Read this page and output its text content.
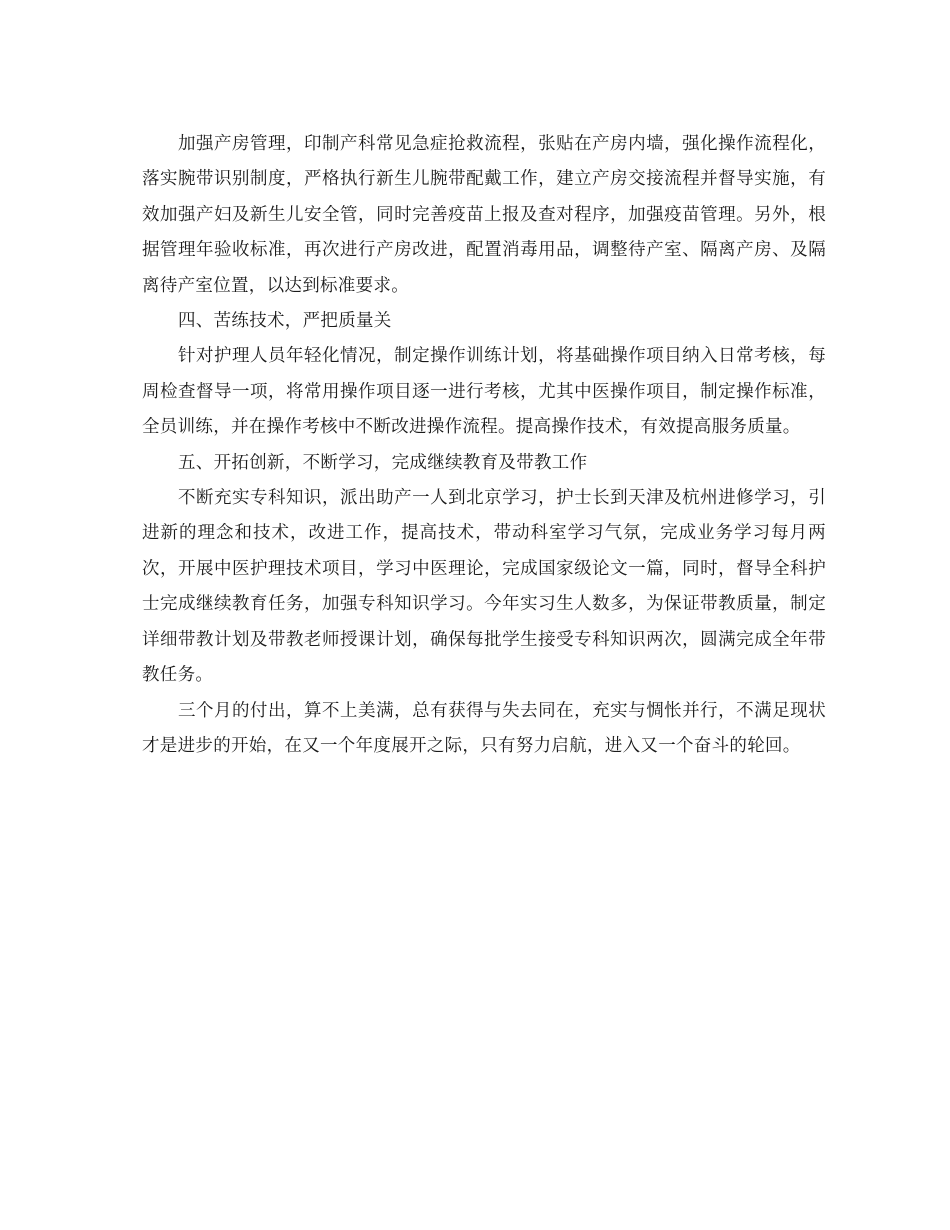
加强产房管理，印制产科常见急症抢救流程，张贴在产房内墙，强化操作流程化，落实腕带识别制度，严格执行新生儿腕带配戴工作，建立产房交接流程并督导实施，有效加强产妇及新生儿安全管，同时完善疫苗上报及查对程序，加强疫苗管理。另外，根据管理年验收标准，再次进行产房改进，配置消毒用品，调整待产室、隔离产房、及隔离待产室位置，以达到标准要求。

四、苦练技术，严把质量关

针对护理人员年轻化情况，制定操作训练计划，将基础操作项目纳入日常考核，每周检查督导一项，将常用操作项目逐一进行考核，尤其中医操作项目，制定操作标准，全员训练，并在操作考核中不断改进操作流程。提高操作技术，有效提高服务质量。

五、开拓创新，不断学习，完成继续教育及带教工作

不断充实专科知识，派出助产一人到北京学习，护士长到天津及杭州进修学习，引进新的理念和技术，改进工作，提高技术，带动科室学习气氛，完成业务学习每月两次，开展中医护理技术项目，学习中医理论，完成国家级论文一篇，同时，督导全科护士完成继续教育任务，加强专科知识学习。今年实习生人数多，为保证带教质量，制定详细带教计划及带教老师授课计划，确保每批学生接受专科知识两次，圆满完成全年带教任务。

三个月的付出，算不上美满，总有获得与失去同在，充实与惆怅并行，不满足现状才是进步的开始，在又一个年度展开之际，只有努力启航，进入又一个奋斗的轮回。
